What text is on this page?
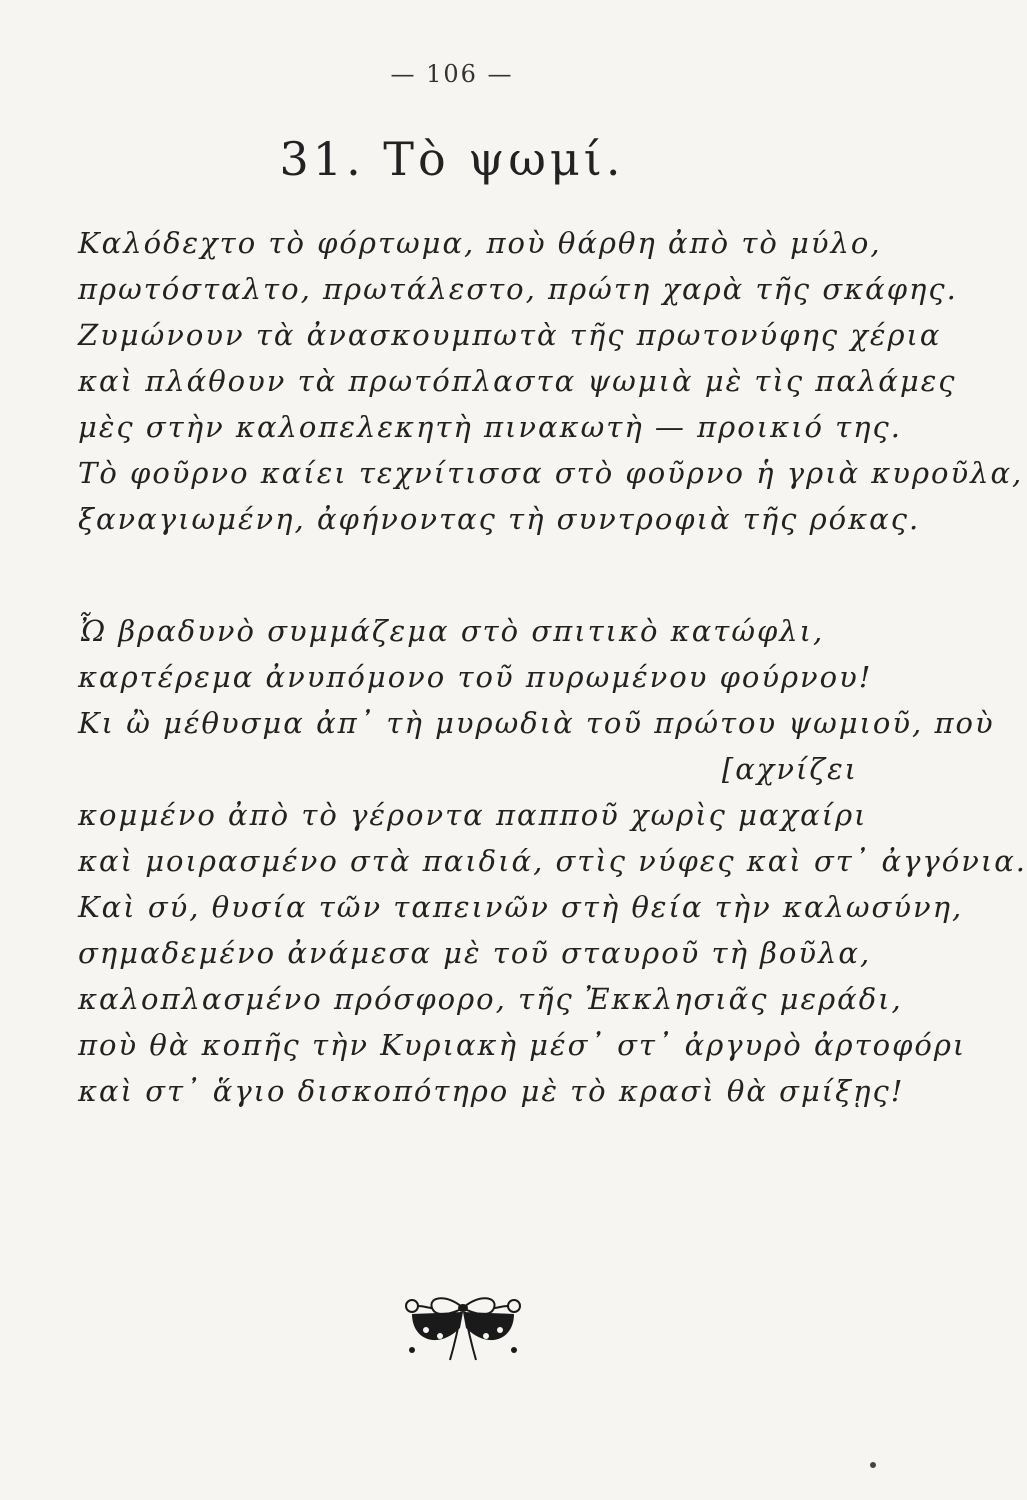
— 106 —
31. Τὸ ψωμί.
Καλόδεχτο τὸ φόρτωμα, ποὺ θάρθη ἀπὸ τὸ μύλο,
πρωτόσταλτο, πρωτάλεστο, πρώτη χαρὰ τῆς σκάφης.
Ζυμώνουν τὰ ἀνασκουμπωτὰ τῆς πρωτονύφης χέρια
καὶ πλάθουν τὰ πρωτόπλαστα ψωμιὰ μὲ τὶς παλάμες
μὲς στὴν καλοπελεκητὴ πινακωτὴ — προικιό της.
Τὸ φοῦρνο καίει τεχνίτισσα στὸ φοῦρνο ἡ γριὰ κυροῦλα,
ξαναγιωμένη, ἀφήνοντας τὴ συντροφιὰ τῆς ρόκας.
Ὦ βραδυνὸ συμμάζεμα στὸ σπιτικὸ κατώφλι,
καρτέρεμα ἀνυπόμονο τοῦ πυρωμένου φούρνου!
Κι ὢ μέθυσμα ἀπ᾽ τὴ μυρωδιὰ τοῦ πρώτου ψωμιοῦ, ποὺ
[αχνίζει
κομμένο ἀπὸ τὸ γέροντα παπποῦ χωρὶς μαχαίρι
καὶ μοιρασμένο στὰ παιδιά, στὶς νύφες καὶ στ᾽ ἀγγόνια.
Καὶ σύ, θυσία τῶν ταπεινῶν στὴ θεία τὴν καλωσύνη,
σημαδεμένο ἀνάμεσα μὲ τοῦ σταυροῦ τὴ βοῦλα,
καλοπλασμένο πρόσφορο, τῆς Ἐκκλησιᾶς μεράδι,
ποὺ θὰ κοπῆς τὴν Κυριακὴ μέσ᾽ στ᾽ ἀργυρὸ ἀρτοφόρι
καὶ στ᾽ ἅγιο δισκοπότηρο μὲ τὸ κρασὶ θὰ σμίξῃς!
